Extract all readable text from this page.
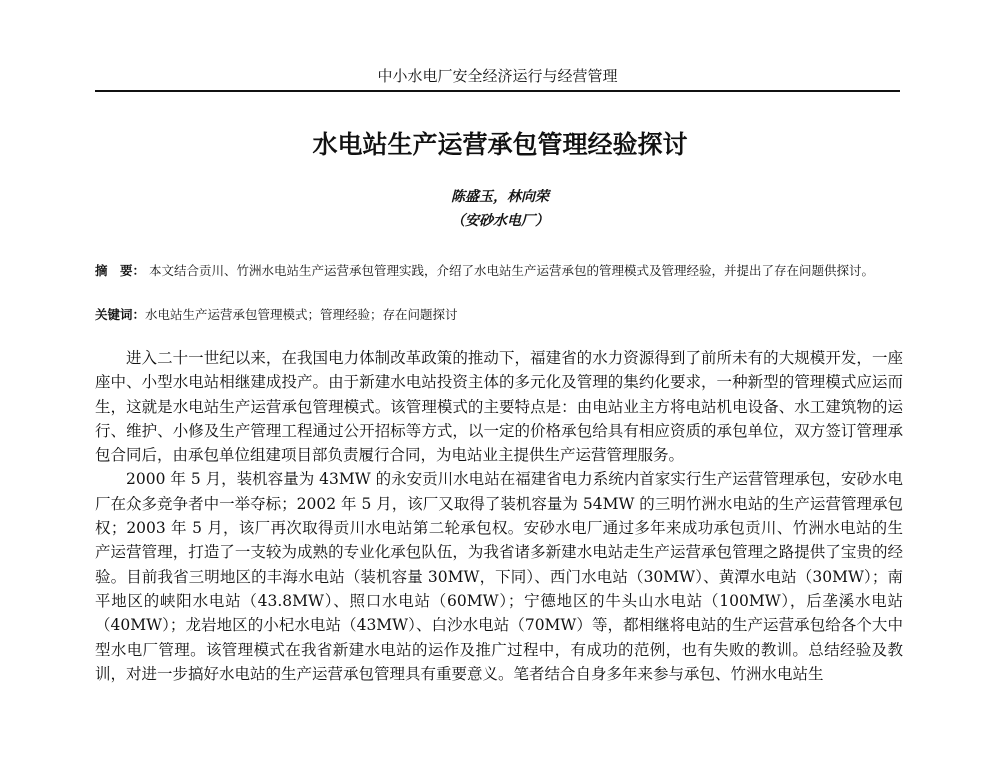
中小水电厂安全经济运行与经营管理
水电站生产运营承包管理经验探讨
陈盛玉，林向荣
（安砂水电厂）
摘　要： 本文结合贡川、竹洲水电站生产运营承包管理实践，介绍了水电站生产运营承包的管理模式及管理经验，并提出了存在问题供探讨。
关键词：水电站生产运营承包管理模式；管理经验；存在问题探讨

进入二十一世纪以来，在我国电力体制改革政策的推动下，福建省的水力资源得到了前所未有的大规模开发，一座座中、小型水电站相继建成投产。由于新建水电站投资主体的多元化及管理的集约化要求，一种新型的管理模式应运而生，这就是水电站生产运营承包管理模式。该管理模式的主要特点是：由电站业主方将电站机电设备、水工建筑物的运行、维护、小修及生产管理工程通过公开招标等方式，以一定的价格承包给具有相应资质的承包单位，双方签订管理承包合同后，由承包单位组建项目部负责履行合同，为电站业主提供生产运营管理服务。

2000 年 5 月，装机容量为 43MW 的永安贡川水电站在福建省电力系统内首家实行生产运营管理承包，安砂水电厂在众多竞争者中一举夺标；2002 年 5 月，该厂又取得了装机容量为 54MW 的三明竹洲水电站的生产运营管理承包权；2003 年 5 月，该厂再次取得贡川水电站第二轮承包权。安砂水电厂通过多年来成功承包贡川、竹洲水电站的生产运营管理，打造了一支较为成熟的专业化承包队伍，为我省诸多新建水电站走生产运营承包管理之路提供了宝贵的经验。目前我省三明地区的丰海水电站（装机容量 30MW，下同）、西门水电站（30MW）、黄潭水电站（30MW）；南平地区的峡阳水电站（43.8MW）、照口水电站（60MW）；宁德地区的牛头山水电站（100MW），后垄溪水电站（40MW）；龙岩地区的小杞水电站（43MW）、白沙水电站（70MW）等，都相继将电站的生产运营承包给各个大中型水电厂管理。该管理模式在我省新建水电站的运作及推广过程中，有成功的范例，也有失败的教训。总结经验及教训，对进一步搞好水电站的生产运营承包管理具有重要意义。笔者结合自身多年来参与承包、竹洲水电站生
